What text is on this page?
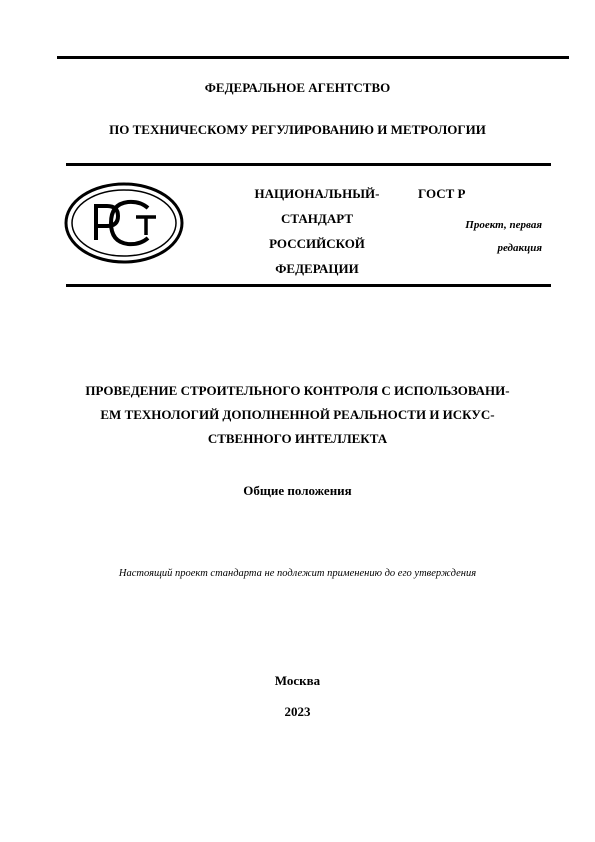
ФЕДЕРАЛЬНОЕ АГЕНТСТВО
ПО ТЕХНИЧЕСКОМУ РЕГУЛИРОВАНИЮ И МЕТРОЛОГИИ
НАЦИОНАЛЬНЫЙ-
СТАНДАРТ
РОССИЙСКОЙ
ФЕДЕРАЦИИ
ГОСТ Р
Проект, первая
редакция
ПРОВЕДЕНИЕ СТРОИТЕЛЬНОГО КОНТРОЛЯ С ИСПОЛЬЗОВАНИ-
ЕМ ТЕХНОЛОГИЙ ДОПОЛНЕННОЙ РЕАЛЬНОСТИ И ИСКУС-
СТВЕННОГО ИНТЕЛЛЕКТА
Общие положения
Настоящий проект стандарта не подлежит применению до его утверждения
Москва
2023
